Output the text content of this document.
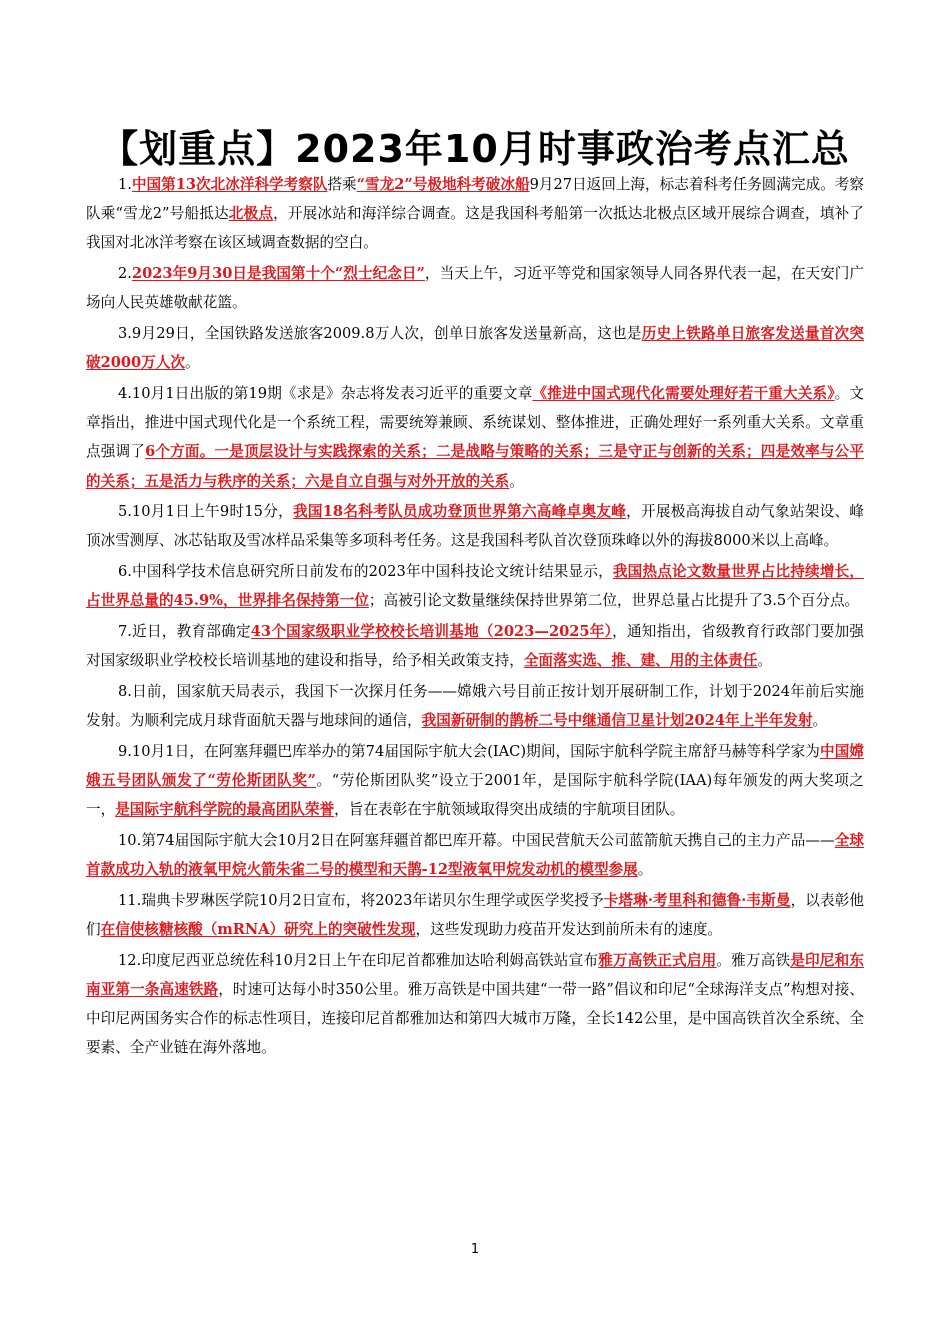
【划重点】2023年10月时事政治考点汇总

1.中国第13次北冰洋科学考察队搭乘“雪龙2”号极地科考破冰船9月27日返回上海，标志着科考任务圆满完成。考察队乘“雪龙2”号船抵达北极点，开展冰站和海洋综合调查。这是我国科考船第一次抵达北极点区域开展综合调查，填补了我国对北冰洋考察在该区域调查数据的空白。

2.2023年9月30日是我国第十个“烈士纪念日”，当天上午，习近平等党和国家领导人同各界代表一起，在天安门广场向人民英雄敬献花篮。

3.9月29日，全国铁路发送旅客2009.8万人次，创单日旅客发送量新高，这也是历史上铁路单日旅客发送量首次突破2000万人次。

4.10月1日出版的第19期《求是》杂志将发表习近平的重要文章《推进中国式现代化需要处理好若干重大关系》。文章指出，推进中国式现代化是一个系统工程，需要统筹兼顾、系统谋划、整体推进，正确处理好一系列重大关系。文章重点强调了6个方面。一是顶层设计与实践探索的关系；二是战略与策略的关系；三是守正与创新的关系；四是效率与公平的关系；五是活力与秩序的关系；六是自立自强与对外开放的关系。

5.10月1日上午9时15分，我国18名科考队员成功登顶世界第六高峰卓奥友峰，开展极高海拔自动气象站架设、峰顶冰雪测厚、冰芯钻取及雪冰样品采集等多项科考任务。这是我国科考队首次登顶珠峰以外的海拔8000米以上高峰。

6.中国科学技术信息研究所日前发布的2023年中国科技论文统计结果显示，我国热点论文数量世界占比持续增长，占世界总量的45.9%，世界排名保持第一位；高被引论文数量继续保持世界第二位，世界总量占比提升了3.5个百分点。

7.近日，教育部确定43个国家级职业学校校长培训基地（2023—2025年），通知指出，省级教育行政部门要加强对国家级职业学校校长培训基地的建设和指导，给予相关政策支持，全面落实选、推、建、用的主体责任。

8.日前，国家航天局表示，我国下一次探月任务——嫦娥六号目前正按计划开展研制工作，计划于2024年前后实施发射。为顺利完成月球背面航天器与地球间的通信，我国新研制的鹊桥二号中继通信卫星计划2024年上半年发射。

9.10月1日，在阿塞拜疆巴库举办的第74届国际宇航大会(IAC)期间，国际宇航科学院主席舒马赫等科学家为中国嫦娥五号团队颁发了“劳伦斯团队奖”。“劳伦斯团队奖”设立于2001年，是国际宇航科学院(IAA)每年颁发的两大奖项之一，是国际宇航科学院的最高团队荣誉，旨在表彰在宇航领域取得突出成绩的宇航项目团队。

10.第74届国际宇航大会10月2日在阿塞拜疆首都巴库开幕。中国民营航天公司蓝箭航天携自己的主力产品——全球首款成功入轨的液氧甲烷火箭朱雀二号的模型和天鹊-12型液氧甲烷发动机的模型参展。

11.瑞典卡罗琳医学院10月2日宣布，将2023年诺贝尔生理学或医学奖授予卡塔琳·考里科和德鲁·韦斯曼，以表彰他们在信使核糖核酸（mRNA）研究上的突破性发现，这些发现助力疫苗开发达到前所未有的速度。

12.印度尼西亚总统佐科10月2日上午在印尼首都雅加达哈利姆高铁站宣布雅万高铁正式启用。雅万高铁是印尼和东南亚第一条高速铁路，时速可达每小时350公里。雅万高铁是中国共建“一带一路”倡议和印尼“全球海洋支点”构想对接、中印尼两国务实合作的标志性项目，连接印尼首都雅加达和第四大城市万隆，全长142公里，是中国高铁首次全系统、全要素、全产业链在海外落地。

1
